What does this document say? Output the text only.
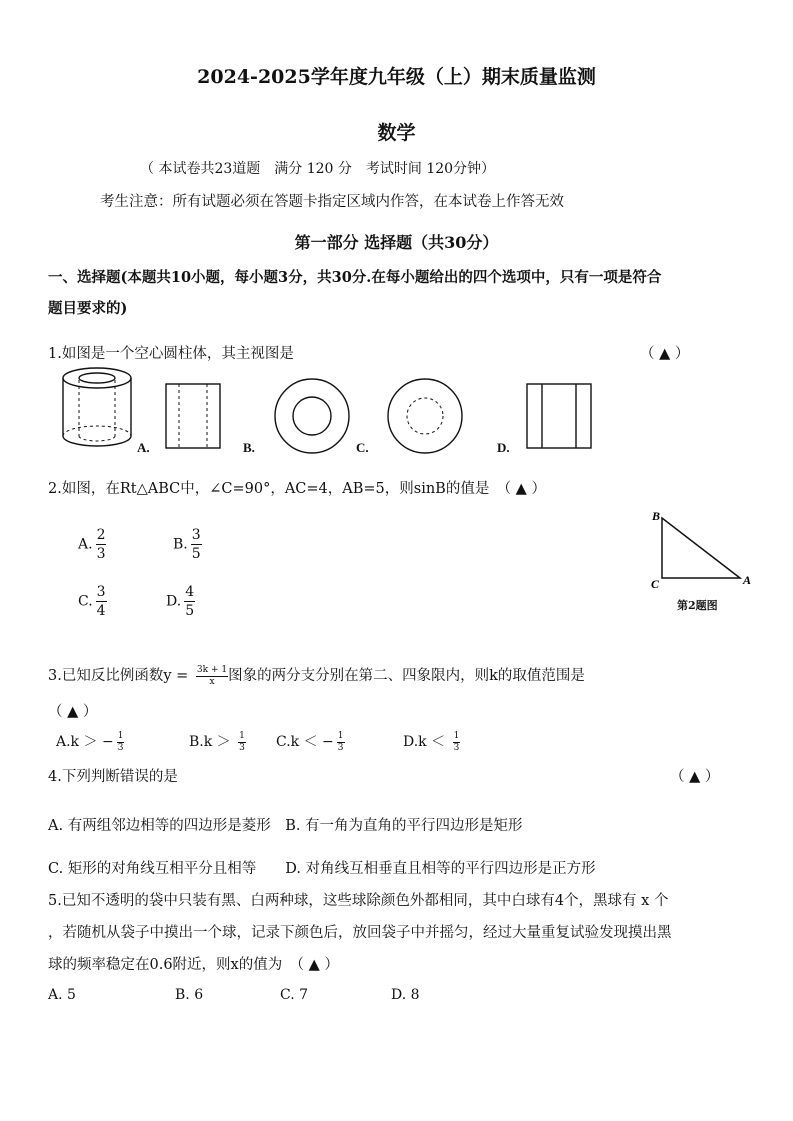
2024-2025学年度九年级（上）期末质量监测
数学
（ 本试卷共23道题　满分 120 分　考试时间 120分钟）
考生注意：所有试题必须在答题卡指定区域内作答，在本试卷上作答无效
第一部分 选择题（共30分）
一、选择题(本题共10小题，每小题3分，共30分.在每小题给出的四个选项中，只有一项是符合
题目要求的)
1.如图是一个空心圆柱体，其主视图是	（ ▲ ）
A.	B.	C.	D.
2.如图，在Rt△ABC中，∠C=90°，AC=4，AB=5，则sinB的值是　（ ▲ ）
A. $\frac{2}{3}$	B. $\frac{3}{5}$
C. $\frac{3}{4}$	D. $\frac{4}{5}$
B
C	A
第2题图
3.已知反比例函数$y = \frac{3k + 1}{x}$ 图象的两分支分别在第二、四象限内，则k的取值范围是
（ ▲ ）
A.k ＞ − $\frac{1}{3}$	$B.k > \frac{1}{3} C.k$ ＜ − $\frac{1}{3}$	$D.k < \frac{1}{3}$
4.下列判断错误的是	（ ▲ ）
A. 有两组邻边相等的四边形是菱形　B. 有一角为直角的平行四边形是矩形
C. 矩形的对角线互相平分且相等　　D. 对角线互相垂直且相等的平行四边形是正方形
5.已知不透明的袋中只装有黑、白两种球，这些球除颜色外都相同，其中白球有4个，黑球有 x 个
，若随机从袋子中摸出一个球，记录下颜色后，放回袋子中并摇匀，经过大量重复试验发现摸出黑
球的频率稳定在0.6附近，则x的值为　（ ▲ ）
A. 5	B. 6	C. 7	D. 8
